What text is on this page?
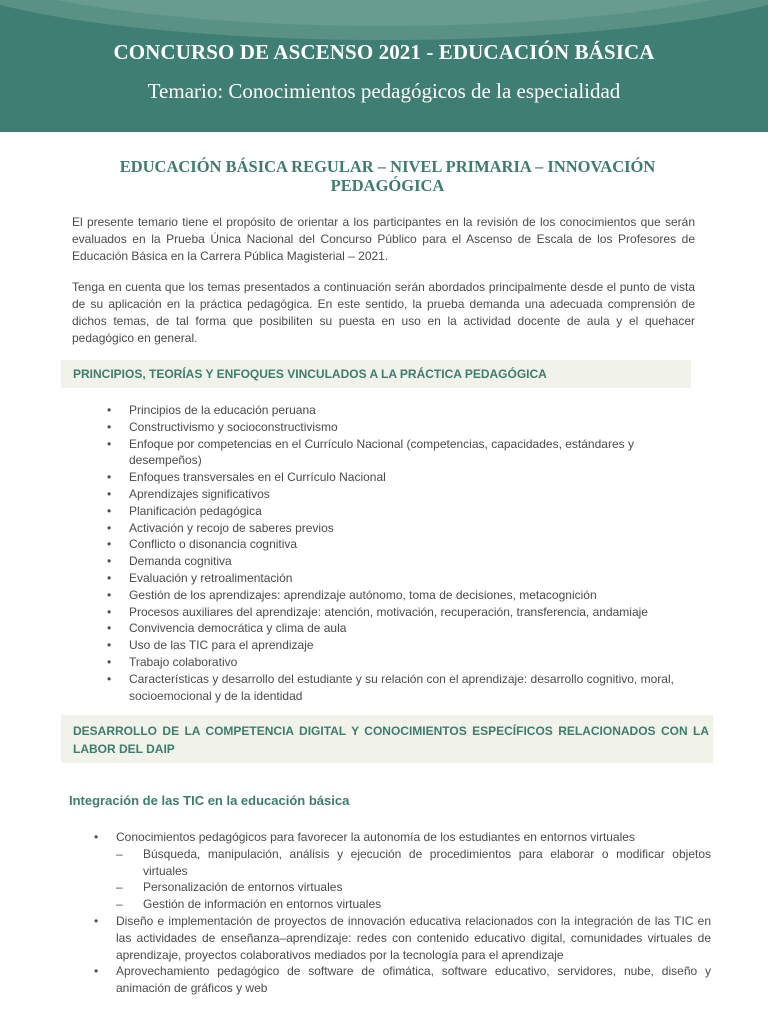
CONCURSO DE ASCENSO 2021 - EDUCACIÓN BÁSICA
Temario: Conocimientos pedagógicos de la especialidad
EDUCACIÓN BÁSICA REGULAR – NIVEL PRIMARIA – INNOVACIÓN PEDAGÓGICA

El presente temario tiene el propósito de orientar a los participantes en la revisión de los conocimientos que serán evaluados en la Prueba Única Nacional del Concurso Público para el Ascenso de Escala de los Profesores de Educación Básica en la Carrera Pública Magisterial – 2021.

Tenga en cuenta que los temas presentados a continuación serán abordados principalmente desde el punto de vista de su aplicación en la práctica pedagógica. En este sentido, la prueba demanda una adecuada comprensión de dichos temas, de tal forma que posibiliten su puesta en uso en la actividad docente de aula y el quehacer pedagógico en general.

PRINCIPIOS, TEORÍAS Y ENFOQUES VINCULADOS A LA PRÁCTICA PEDAGÓGICA
• Principios de la educación peruana
• Constructivismo y socioconstructivismo
• Enfoque por competencias en el Currículo Nacional (competencias, capacidades, estándares y desempeños)
• Enfoques transversales en el Currículo Nacional
• Aprendizajes significativos
• Planificación pedagógica
• Activación y recojo de saberes previos
• Conflicto o disonancia cognitiva
• Demanda cognitiva
• Evaluación y retroalimentación
• Gestión de los aprendizajes: aprendizaje autónomo, toma de decisiones, metacognición
• Procesos auxiliares del aprendizaje: atención, motivación, recuperación, transferencia, andamiaje
• Convivencia democrática y clima de aula
• Uso de las TIC para el aprendizaje
• Trabajo colaborativo
• Características y desarrollo del estudiante y su relación con el aprendizaje: desarrollo cognitivo, moral, socioemocional y de la identidad
DESARROLLO DE LA COMPETENCIA DIGITAL Y CONOCIMIENTOS ESPECÍFICOS RELACIONADOS CON LA LABOR DEL DAIP
Integración de las TIC en la educación básica
• Conocimientos pedagógicos para favorecer la autonomía de los estudiantes en entornos virtuales
– Búsqueda, manipulación, análisis y ejecución de procedimientos para elaborar o modificar objetos virtuales
– Personalización de entornos virtuales
– Gestión de información en entornos virtuales
• Diseño e implementación de proyectos de innovación educativa relacionados con la integración de las TIC en las actividades de enseñanza–aprendizaje: redes con contenido educativo digital, comunidades virtuales de aprendizaje, proyectos colaborativos mediados por la tecnología para el aprendizaje
• Aprovechamiento pedagógico de software de ofimática, software educativo, servidores, nube, diseño y animación de gráficos y web
